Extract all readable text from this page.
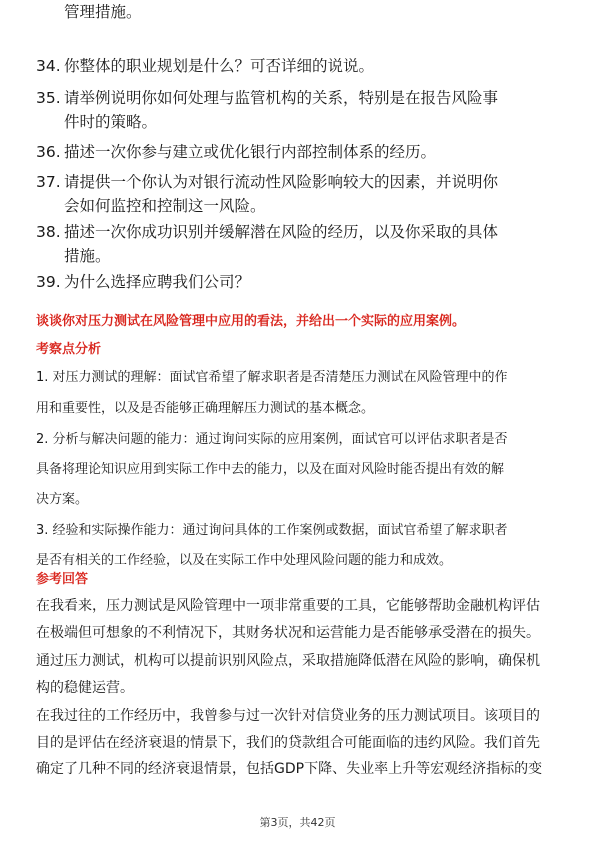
管理措施。
34. 你整体的职业规划是什么？可否详细的说说。
35. 请举例说明你如何处理与监管机构的关系，特别是在报告风险事
件时的策略。
36. 描述一次你参与建立或优化银行内部控制体系的经历。
37. 请提供一个你认为对银行流动性风险影响较大的因素，并说明你
会如何监控和控制这一风险。
38. 描述一次你成功识别并缓解潜在风险的经历，以及你采取的具体
措施。
39. 为什么选择应聘我们公司？

谈谈你对压力测试在风险管理中应用的看法，并给出一个实际的应用案例。

考察点分析

1. 对压力测试的理解：面试官希望了解求职者是否清楚压力测试在风险管理中的作

用和重要性，以及是否能够正确理解压力测试的基本概念。

2. 分析与解决问题的能力：通过询问实际的应用案例，面试官可以评估求职者是否

具备将理论知识应用到实际工作中去的能力，以及在面对风险时能否提出有效的解

决方案。

3. 经验和实际操作能力：通过询问具体的工作案例或数据，面试官希望了解求职者

是否有相关的工作经验，以及在实际工作中处理风险问题的能力和成效。

参考回答

在我看来，压力测试是风险管理中一项非常重要的工具，它能够帮助金融机构评估

在极端但可想象的不利情况下，其财务状况和运营能力是否能够承受潜在的损失。

通过压力测试，机构可以提前识别风险点，采取措施降低潜在风险的影响，确保机

构的稳健运营。

在我过往的工作经历中，我曾参与过一次针对信贷业务的压力测试项目。该项目的

目的是评估在经济衰退的情景下，我们的贷款组合可能面临的违约风险。我们首先

确定了几种不同的经济衰退情景，包括GDP下降、失业率上升等宏观经济指标的变

第3页，共42页
